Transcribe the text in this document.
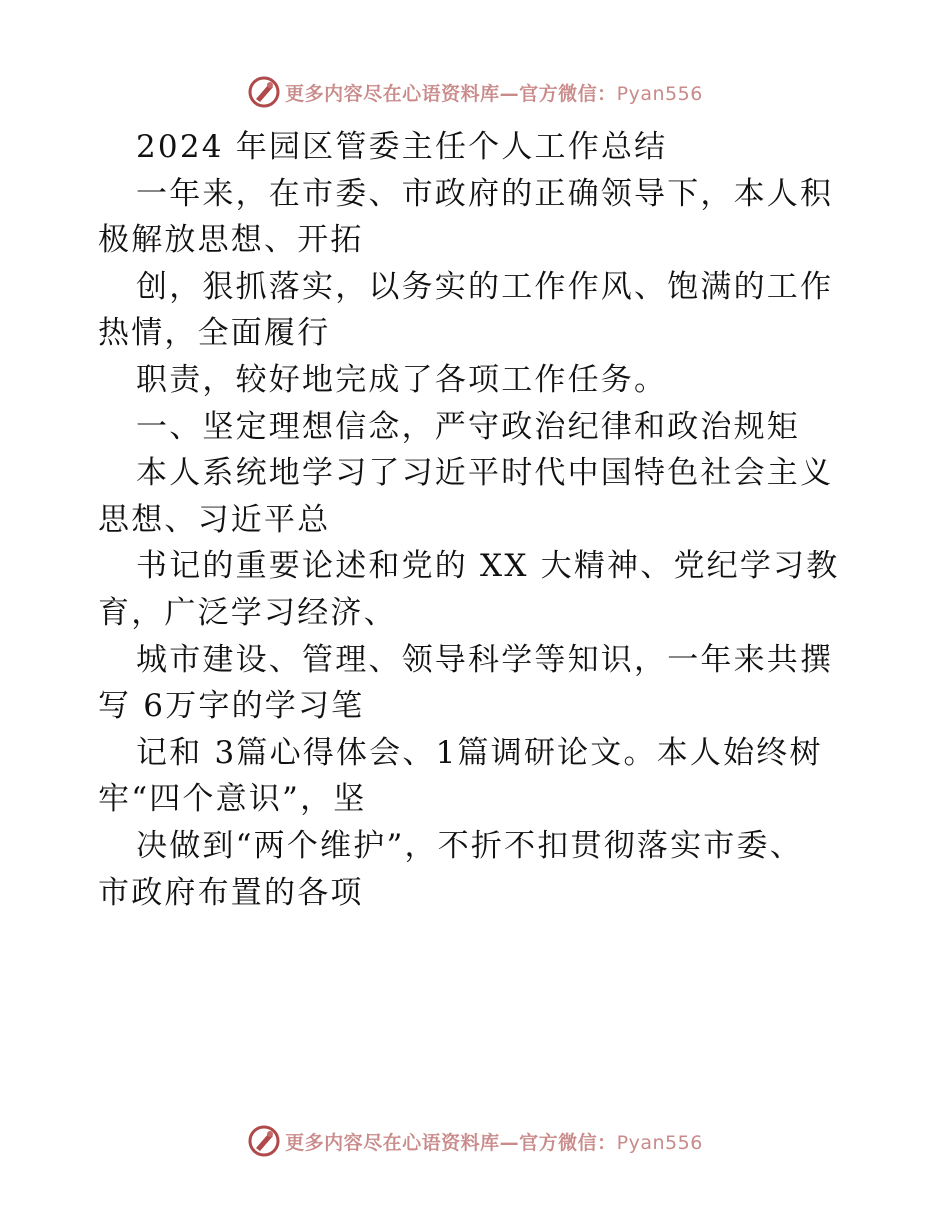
更多内容尽在心语资料库—官方微信：Pyan556
2024 年园区管委主任个人工作总结
一年来，在市委、市政府的正确领导下，本人积
极解放思想、开拓
创，狠抓落实，以务实的工作作风、饱满的工作
热情，全面履行
职责，较好地完成了各项工作任务。
一、坚定理想信念，严守政治纪律和政治规矩
本人系统地学习了习近平时代中国特色社会主义
思想、习近平总
书记的重要论述和党的 XX 大精神、党纪学习教
育，广泛学习经济、
城市建设、管理、领导科学等知识，一年来共撰
写 6万字的学习笔
记和 3篇心得体会、1篇调研论文。本人始终树
牢“四个意识”，坚
决做到“两个维护”，不折不扣贯彻落实市委、
市政府布置的各项
更多内容尽在心语资料库—官方微信：Pyan556
